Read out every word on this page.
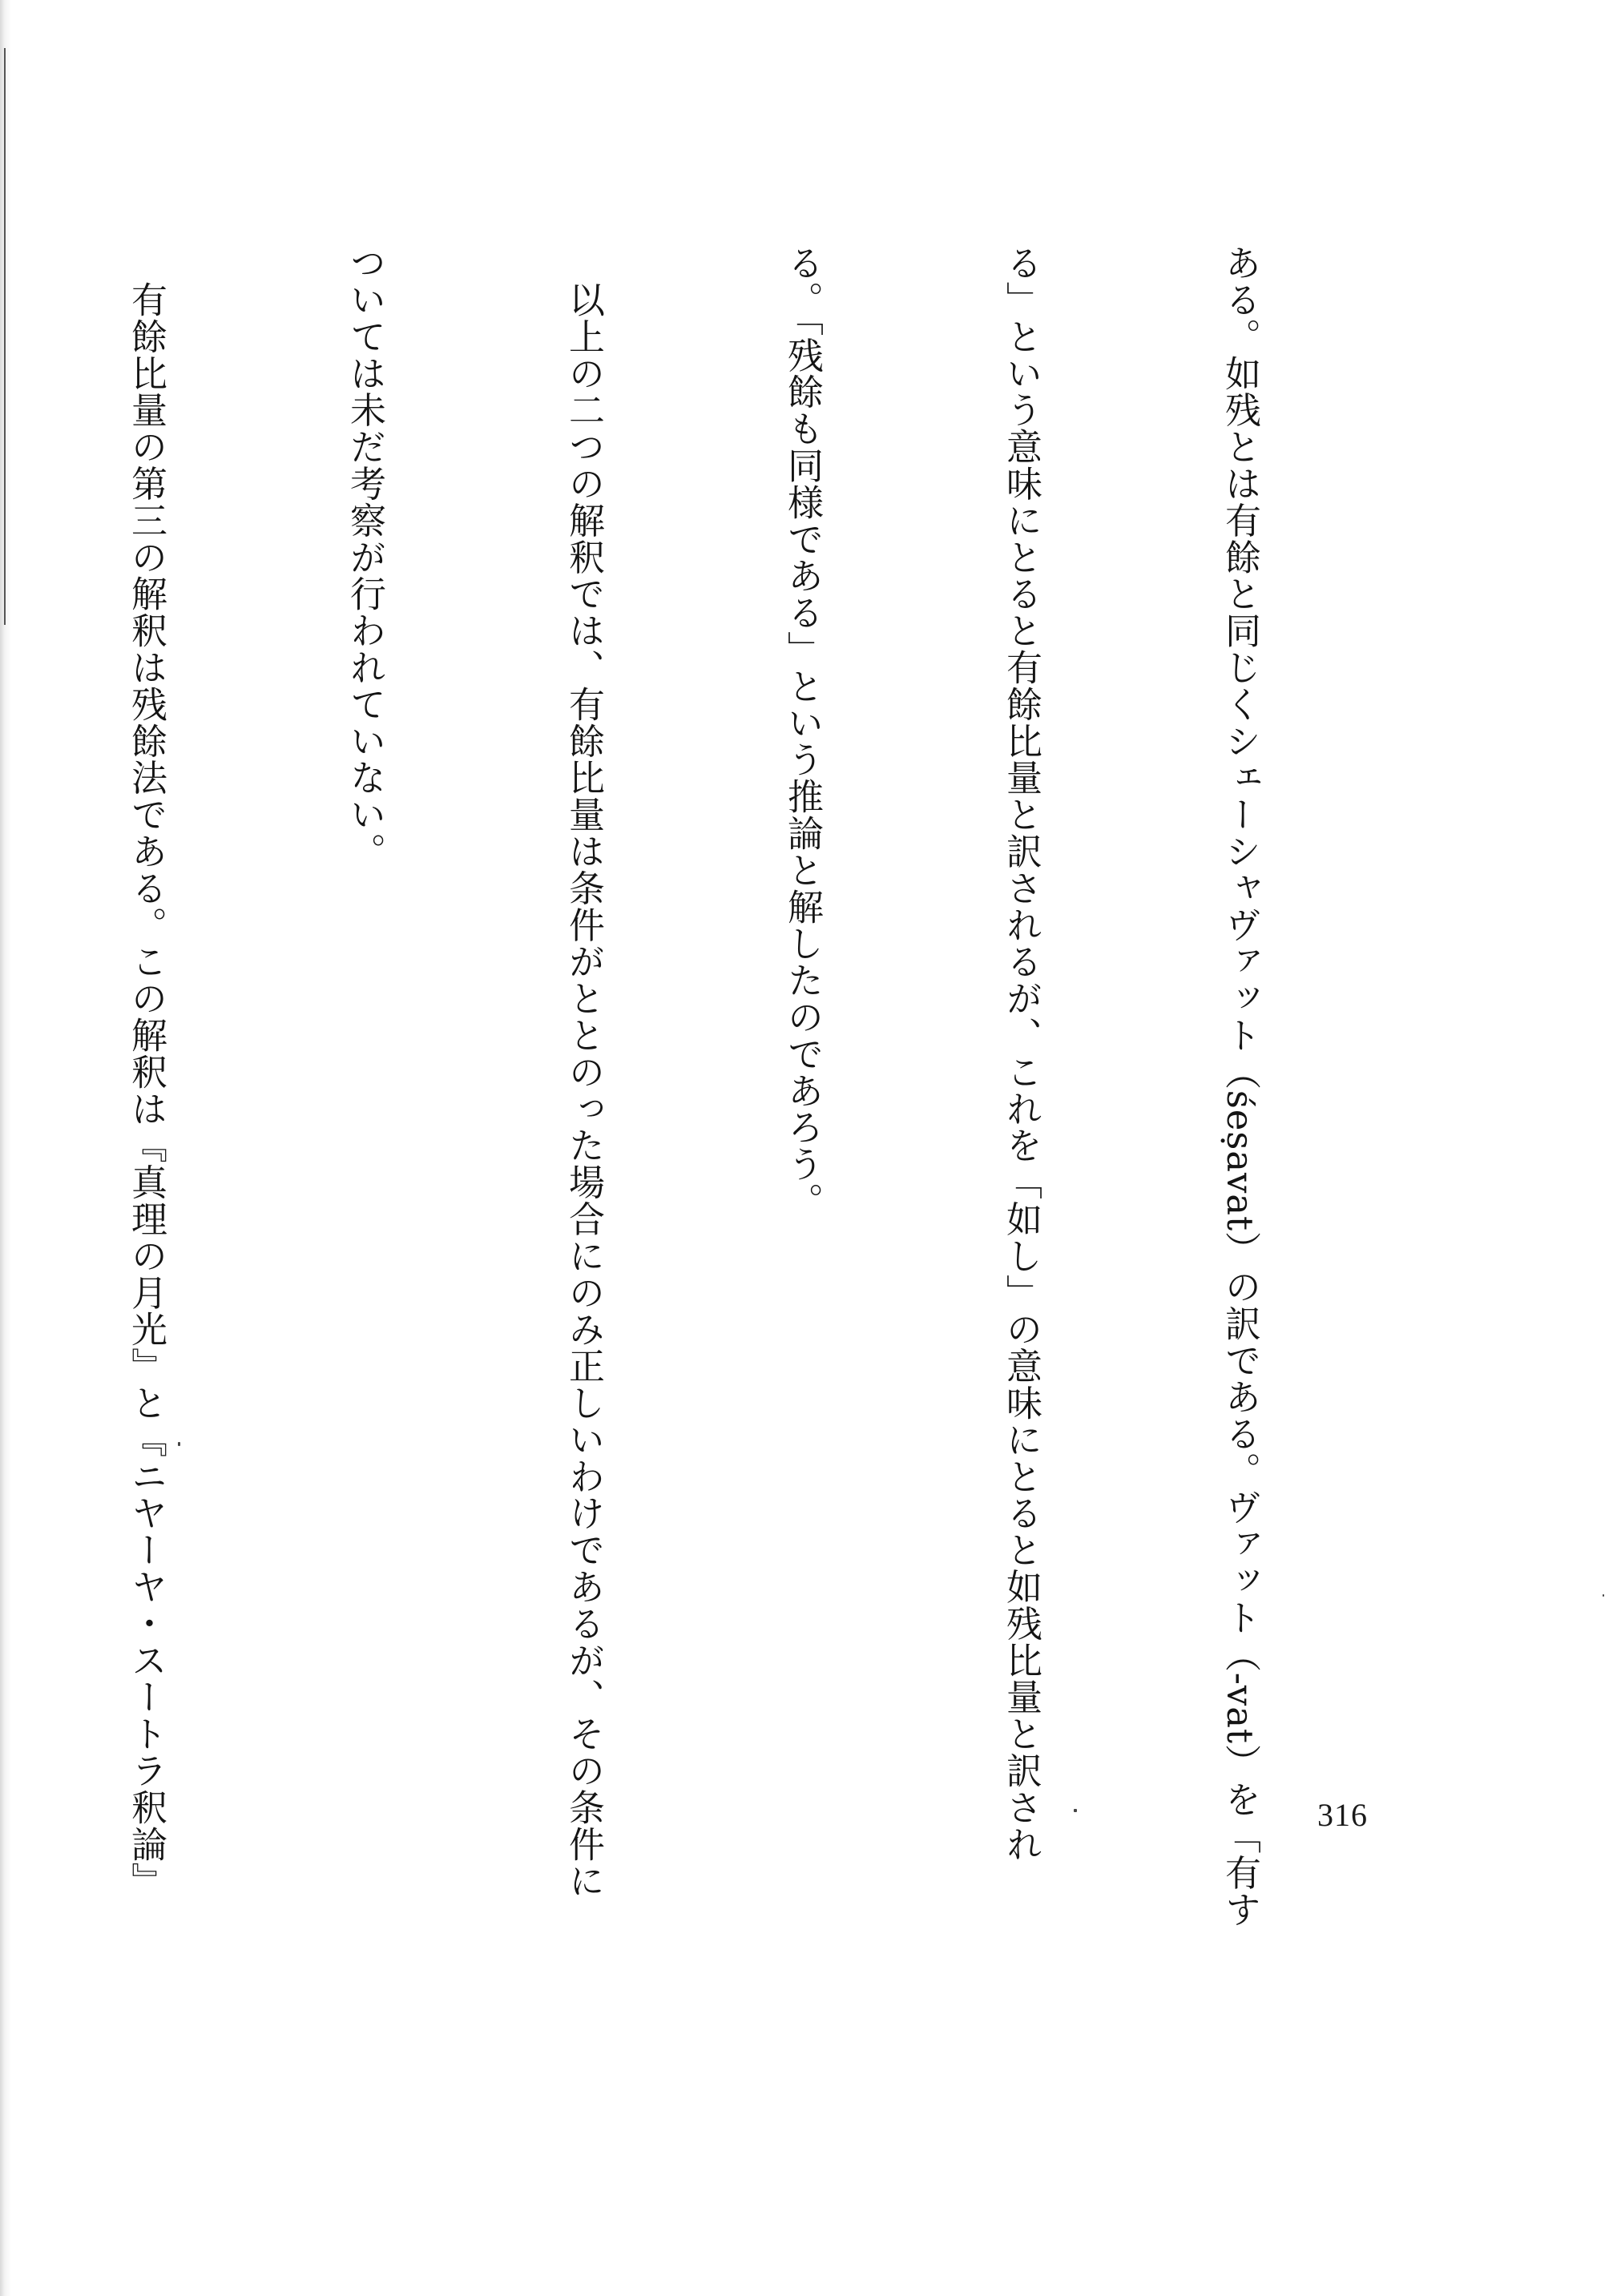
ある。如残とは有餘と同じくシェーシャヴァット（śeṣavat）の訳である。ヴァット（-vat）を「有す

る」という意味にとると有餘比量と訳されるが、これを「如し」の意味にとると如残比量と訳され

る。「残餘も同様である」という推論と解したのであろう。

　以上の二つの解釈では、有餘比量は条件がととのった場合にのみ正しいわけであるが、その条件に

ついては未だ考察が行われていない。

　有餘比量の第三の解釈は残餘法である。この解釈は『真理の月光』と『ニヤーヤ・スートラ釈論』

	316
